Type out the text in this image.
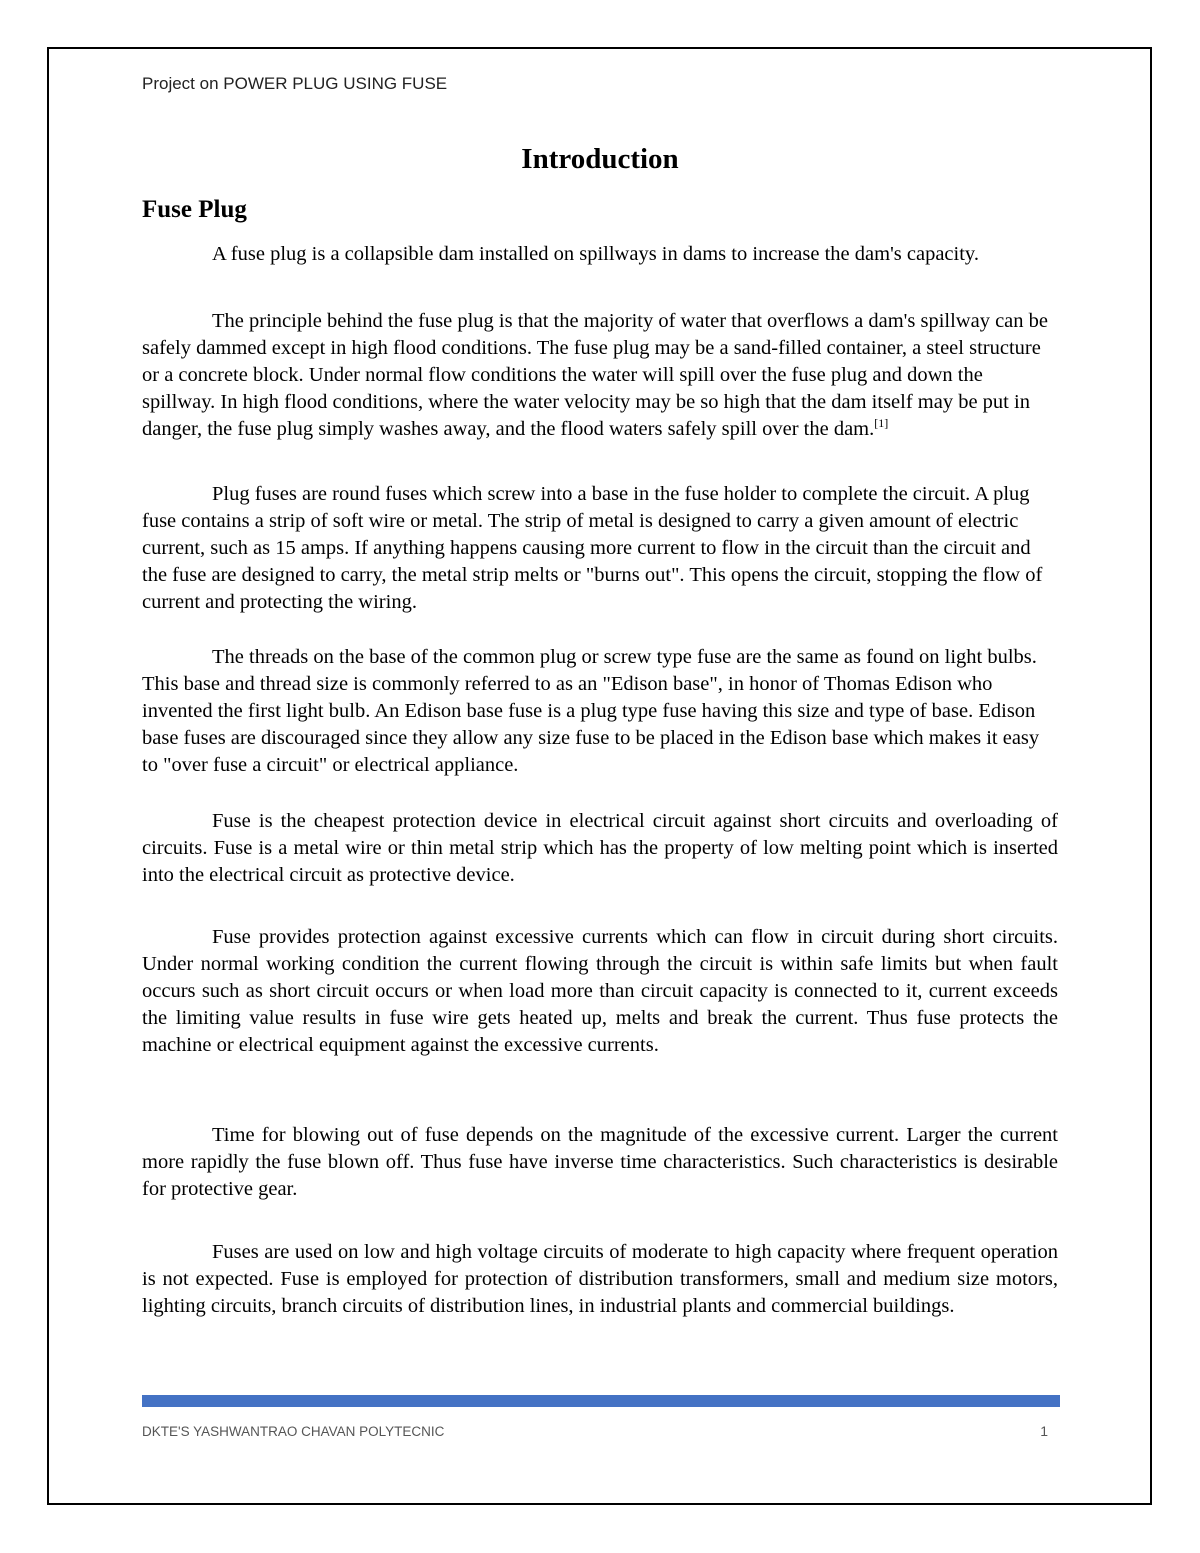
Project on POWER PLUG USING FUSE
Introduction
Fuse Plug

A fuse plug is a collapsible dam installed on spillways in dams to increase the dam's capacity.

The principle behind the fuse plug is that the majority of water that overflows a dam's spillway can be safely dammed except in high flood conditions. The fuse plug may be a sand-filled container, a steel structure or a concrete block. Under normal flow conditions the water will spill over the fuse plug and down the spillway. In high flood conditions, where the water velocity may be so high that the dam itself may be put in danger, the fuse plug simply washes away, and the flood waters safely spill over the dam.[1]

Plug fuses are round fuses which screw into a base in the fuse holder to complete the circuit. A plug fuse contains a strip of soft wire or metal. The strip of metal is designed to carry a given amount of electric current, such as 15 amps. If anything happens causing more current to flow in the circuit than the circuit and the fuse are designed to carry, the metal strip melts or "burns out". This opens the circuit, stopping the flow of current and protecting the wiring.

The threads on the base of the common plug or screw type fuse are the same as found on light bulbs. This base and thread size is commonly referred to as an "Edison base", in honor of Thomas Edison who invented the first light bulb. An Edison base fuse is a plug type fuse having this size and type of base. Edison base fuses are discouraged since they allow any size fuse to be placed in the Edison base which makes it easy to "over fuse a circuit" or electrical appliance.

Fuse is the cheapest protection device in electrical circuit against short circuits and overloading of circuits. Fuse is a metal wire or thin metal strip which has the property of low melting point which is inserted into the electrical circuit as protective device.

Fuse provides protection against excessive currents which can flow in circuit during short circuits. Under normal working condition the current flowing through the circuit is within safe limits but when fault occurs such as short circuit occurs or when load more than circuit capacity is connected to it, current exceeds the limiting value results in fuse wire gets heated up, melts and break the current. Thus fuse protects the machine or electrical equipment against the excessive currents.

Time for blowing out of fuse depends on the magnitude of the excessive current. Larger the current more rapidly the fuse blown off. Thus fuse have inverse time characteristics. Such characteristics is desirable for protective gear.

Fuses are used on low and high voltage circuits of moderate to high capacity where frequent operation is not expected. Fuse is employed for protection of distribution transformers, small and medium size motors, lighting circuits, branch circuits of distribution lines, in industrial plants and commercial buildings.

DKTE'S YASHWANTRAO CHAVAN POLYTECNIC	1
